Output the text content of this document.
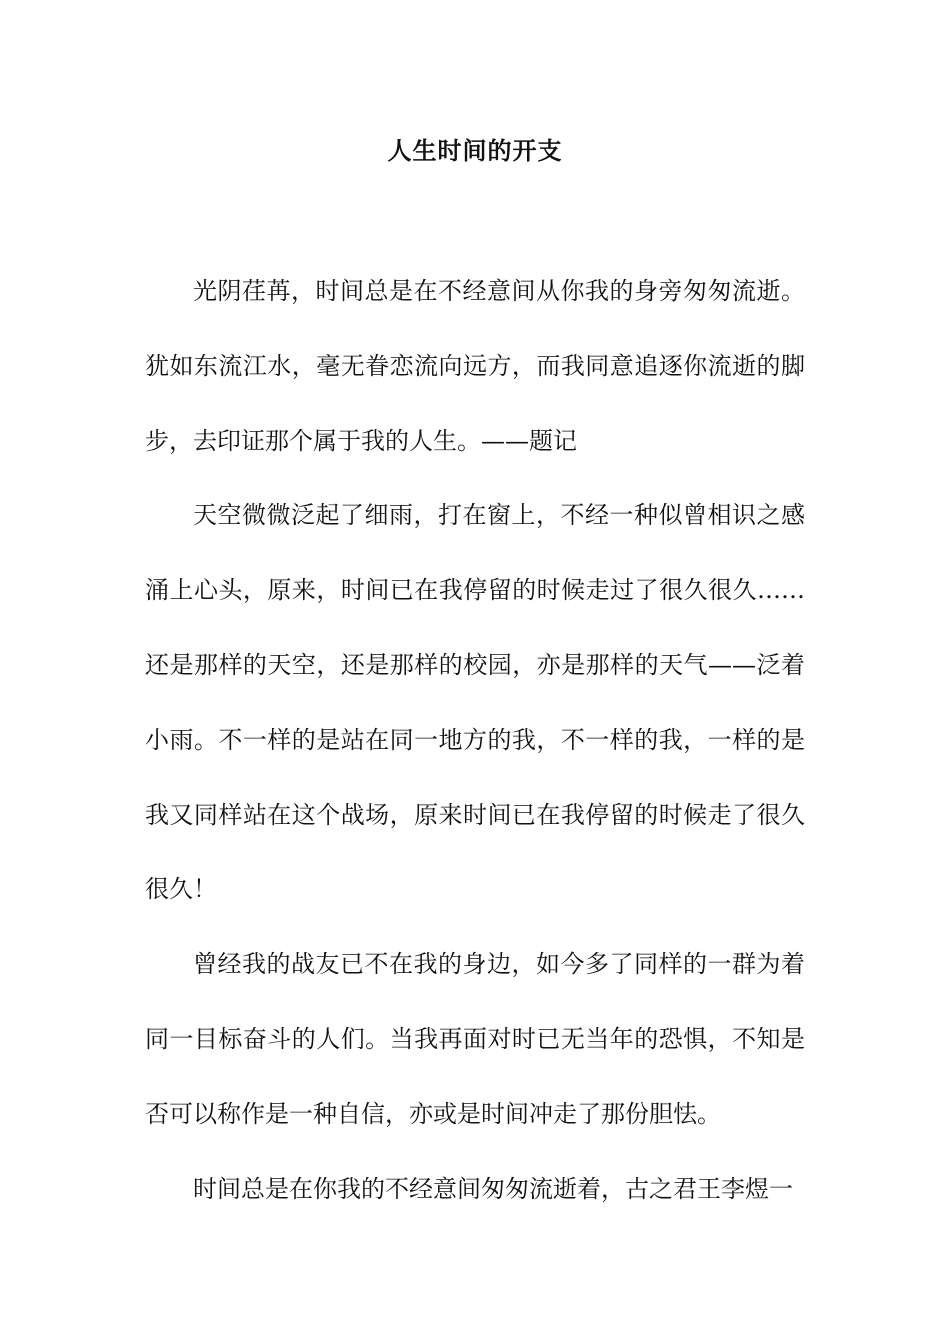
人生时间的开支

光阴荏苒，时间总是在不经意间从你我的身旁匆匆流逝。犹如东流江水，毫无眷恋流向远方，而我同意追逐你流逝的脚步，去印证那个属于我的人生。——题记

天空微微泛起了细雨，打在窗上，不经一种似曾相识之感涌上心头，原来，时间已在我停留的时候走过了很久很久……还是那样的天空，还是那样的校园，亦是那样的天气——泛着小雨。不一样的是站在同一地方的我，不一样的我，一样的是我又同样站在这个战场，原来时间已在我停留的时候走了很久很久！

曾经我的战友已不在我的身边，如今多了同样的一群为着同一目标奋斗的人们。当我再面对时已无当年的恐惧，不知是否可以称作是一种自信，亦或是时间冲走了那份胆怯。

时间总是在你我的不经意间匆匆流逝着，古之君王李煜一
